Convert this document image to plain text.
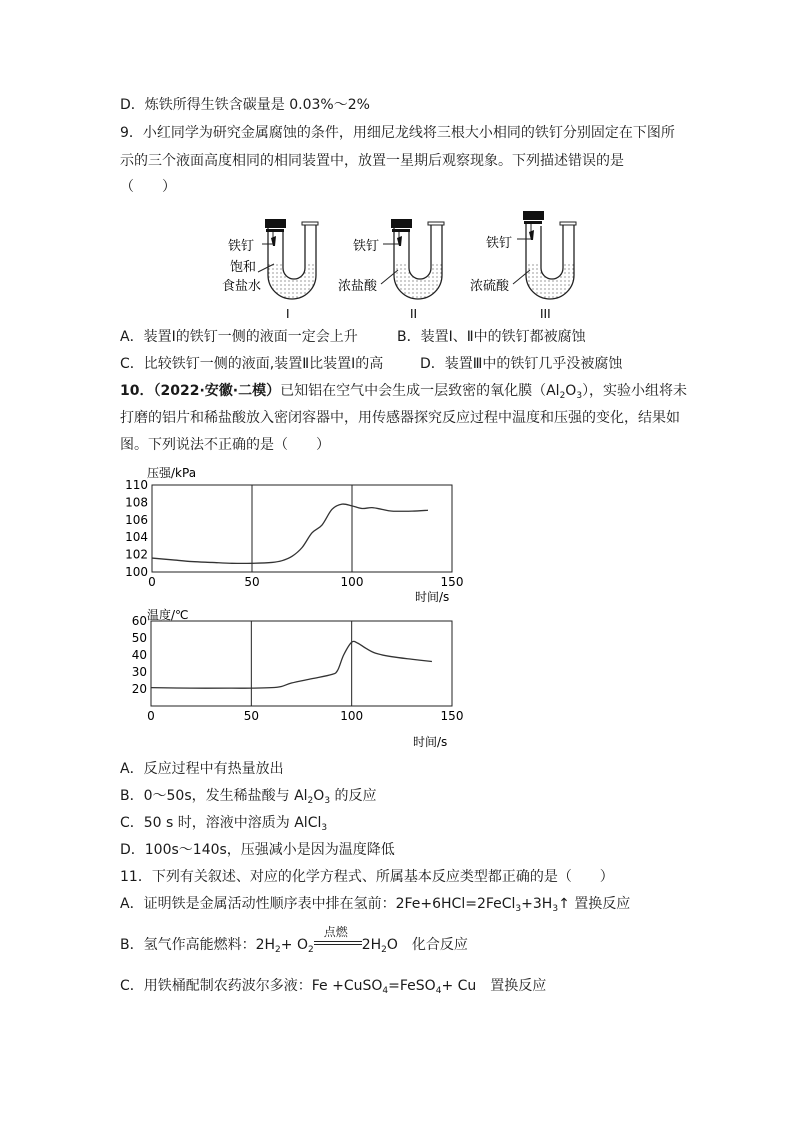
D．炼铁所得生铁含碳量是 0.03%～2%
9．小红同学为研究金属腐蚀的条件，用细尼龙线将三根大小相同的铁钉分别固定在下图所
示的三个液面高度相同的相同装置中，放置一星期后观察现象。下列描述错误的是
（　　）
铁钉	铁钉	铁钉
饱和
食盐水	浓盐酸	浓硫酸
I	II	III
A．装置Ⅰ的铁钉一侧的液面一定会上升	B．装置Ⅰ、Ⅱ中的铁钉都被腐蚀
C．比较铁钉一侧的液面,装置Ⅱ比装置Ⅰ的高	D．装置Ⅲ中的铁钉几乎没被腐蚀
10．（2022·安徽·二模）已知铝在空气中会生成一层致密的氧化膜$(Al_2O_3)$，实验小组将未
打磨的铝片和稀盐酸放入密闭容器中，用传感器探究反应过程中温度和压强的变化，结果如
图。下列说法不正确的是（　　）
压强/kPa
0	50	100	150
100
102
104
106
108
110
时间/s
温度/℃
0	50	100	150
20
30
40
50
60
时间/s
A．反应过程中有热量放出
B．0～50s，发生稀盐酸与 $Al_2O_3$ 的反应
C．50 s 时，溶液中溶质为 AlCl$_3$
D．100s～140s，压强减小是因为温度降低
11．下列有关叙述、对应的化学方程式、所属基本反应类型都正确的是（　　）
A．证明铁是金属活动性顺序表中排在氢前：$2Fe+6HCl=2FeCl_3+3H_3↑$ 置换反应
B．氢气作高能燃料：$2H_2+ O_2$
点燃
$2H_2O$　化合反应
C．用铁桶配制农药波尔多液：Fe +CuSO$_4$=FeSO$_4$+ Cu　置换反应
